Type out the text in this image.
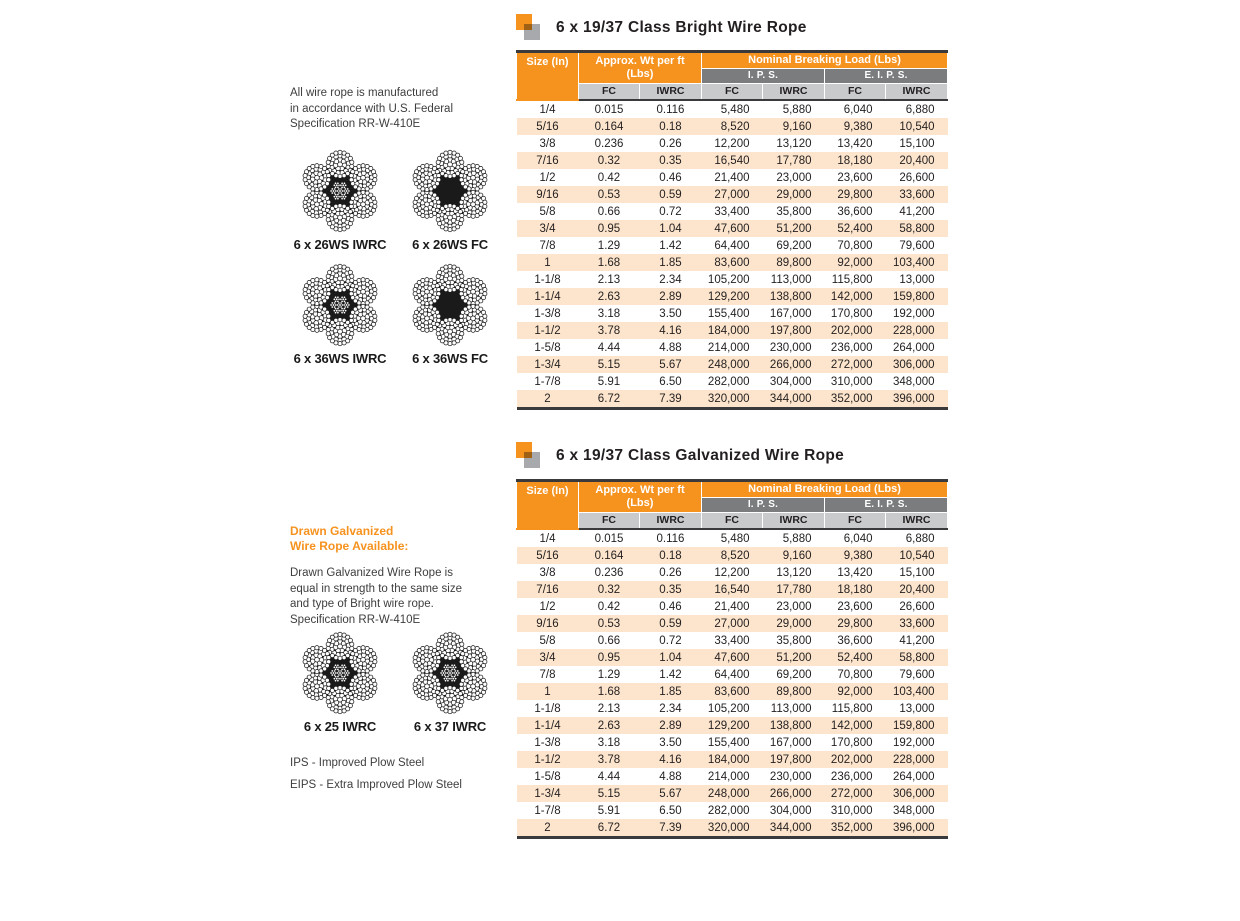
All wire rope is manufactured
in accordance with U.S. Federal
Specification RR-W-410E
6 x 26WS IWRC 6 x 26WS FC
6 x 36WS IWRC 6 x 36WS FC
Drawn Galvanized
Wire Rope Available:
Drawn Galvanized Wire Rope is
equal in strength to the same size
and type of Bright wire rope.
Specification RR-W-410E
6 x 25 IWRC	6 x 37 IWRC
IPS - Improved Plow Steel
EIPS - Extra Improved Plow Steel
6 x 19/37 Class Bright Wire Rope
Size (In)	Approx. Wt per ft
(Lbs)		Nominal Breaking Load (Lbs)			
			I. P. S.		E. I. P. S.	
	FC	IWRC	FC	IWRC	FC	IWRC
1/4	0.015	0.116	5,480	5,880	6,040	6,880
5/16	0.164	0.18	8,520	9,160	9,380	10,540
3/8	0.236	0.26	12,200	13,120	13,420	15,100
7/16	0.32	0.35	16,540	17,780	18,180	20,400
1/2	0.42	0.46	21,400	23,000	23,600	26,600
9/16	0.53	0.59	27,000	29,000	29,800	33,600
5/8	0.66	0.72	33,400	35,800	36,600	41,200
3/4	0.95	1.04	47,600	51,200	52,400	58,800
7/8	1.29	1.42	64,400	69,200	70,800	79,600
1	1.68	1.85	83,600	89,800	92,000	103,400
1-1/8	2.13	2.34	105,200	113,000	115,800	13,000
1-1/4	2.63	2.89	129,200	138,800	142,000	159,800
1-3/8	3.18	3.50	155,400	167,000	170,800	192,000
1-1/2	3.78	4.16	184,000	197,800	202,000	228,000
1-5/8	4.44	4.88	214,000	230,000	236,000	264,000
1-3/4	5.15	5.67	248,000	266,000	272,000	306,000
1-7/8	5.91	6.50	282,000	304,000	310,000	348,000
2	6.72	7.39	320,000	344,000	352,000	396,000
6 x 19/37 Class Galvanized Wire Rope
Size (In)	Approx. Wt per ft
(Lbs)		Nominal Breaking Load (Lbs)			
			I. P. S.		E. I. P. S.	
	FC	IWRC	FC	IWRC	FC	IWRC
1/4	0.015	0.116	5,480	5,880	6,040	6,880
5/16	0.164	0.18	8,520	9,160	9,380	10,540
3/8	0.236	0.26	12,200	13,120	13,420	15,100
7/16	0.32	0.35	16,540	17,780	18,180	20,400
1/2	0.42	0.46	21,400	23,000	23,600	26,600
9/16	0.53	0.59	27,000	29,000	29,800	33,600
5/8	0.66	0.72	33,400	35,800	36,600	41,200
3/4	0.95	1.04	47,600	51,200	52,400	58,800
7/8	1.29	1.42	64,400	69,200	70,800	79,600
1	1.68	1.85	83,600	89,800	92,000	103,400
1-1/8	2.13	2.34	105,200	113,000	115,800	13,000
1-1/4	2.63	2.89	129,200	138,800	142,000	159,800
1-3/8	3.18	3.50	155,400	167,000	170,800	192,000
1-1/2	3.78	4.16	184,000	197,800	202,000	228,000
1-5/8	4.44	4.88	214,000	230,000	236,000	264,000
1-3/4	5.15	5.67	248,000	266,000	272,000	306,000
1-7/8	5.91	6.50	282,000	304,000	310,000	348,000
2	6.72	7.39	320,000	344,000	352,000	396,000
